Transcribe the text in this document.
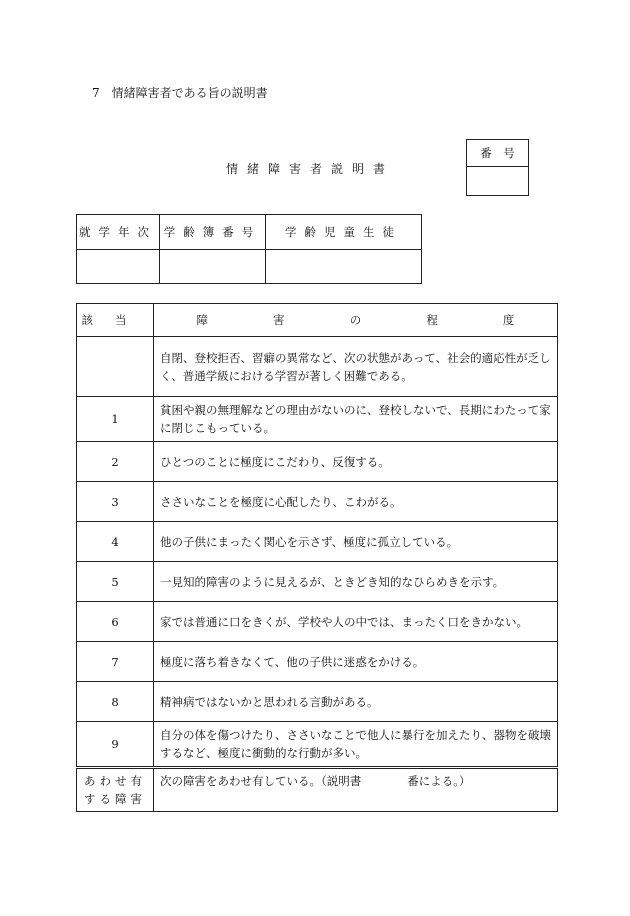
7　情緒障害者である旨の説明書
情緒障害者説明書
番　号

就学年次	学齢簿番号	学齢児童生徒

該当	障 害 の 程 度

	自閉、登校拒否、習癖の異常など、次の状態があって、社会的適応性が乏しく、普通学級における学習が著しく困難である。
1	貧困や親の無理解などの理由がないのに、登校しないで、長期にわたって家に閉じこもっている。
2	ひとつのことに極度にこだわり、反復する。
3	ささいなことを極度に心配したり、こわがる。
4	他の子供にまったく関心を示さず、極度に孤立している。
5	一見知的障害のように見えるが、ときどき知的なひらめきを示す。
6	家では普通に口をきくが、学校や人の中では、まったく口をきかない。
7	極度に落ち着きなくて、他の子供に迷惑をかける。
8	精神病ではないかと思われる言動がある。
9	自分の体を傷つけたり、ささいなことで他人に暴行を加えたり、器物を破壊するなど、極度に衝動的な行動が多い。

あわせ有
する障害	次の障害をあわせ有している。（説明書　　　　番による。）
